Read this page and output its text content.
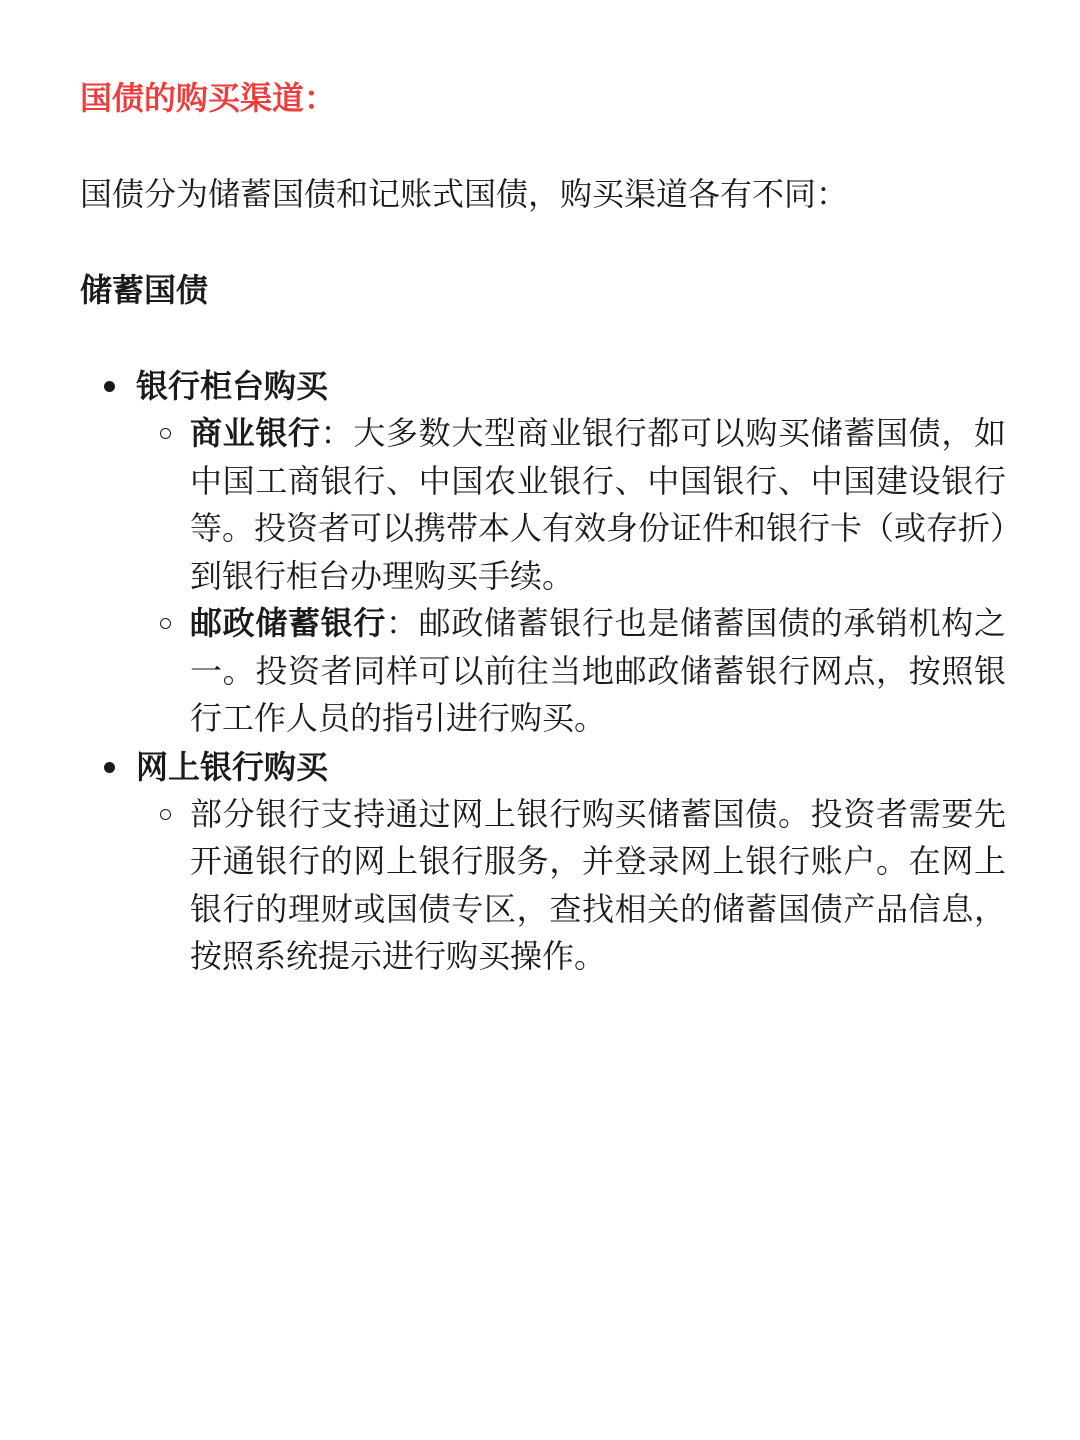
国债的购买渠道：

国债分为储蓄国债和记账式国债，购买渠道各有不同：

储蓄国债
银行柜台购买
商业银行：大多数大型商业银行都可以购买储蓄国债，如中国工商银行、中国农业银行、中国银行、中国建设银行等。投资者可以携带本人有效身份证件和银行卡（或存折）到银行柜台办理购买手续。
邮政储蓄银行：邮政储蓄银行也是储蓄国债的承销机构之一。投资者同样可以前往当地邮政储蓄银行网点，按照银行工作人员的指引进行购买。
网上银行购买
部分银行支持通过网上银行购买储蓄国债。投资者需要先开通银行的网上银行服务，并登录网上银行账户。在网上银行的理财或国债专区，查找相关的储蓄国债产品信息，按照系统提示进行购买操作。
